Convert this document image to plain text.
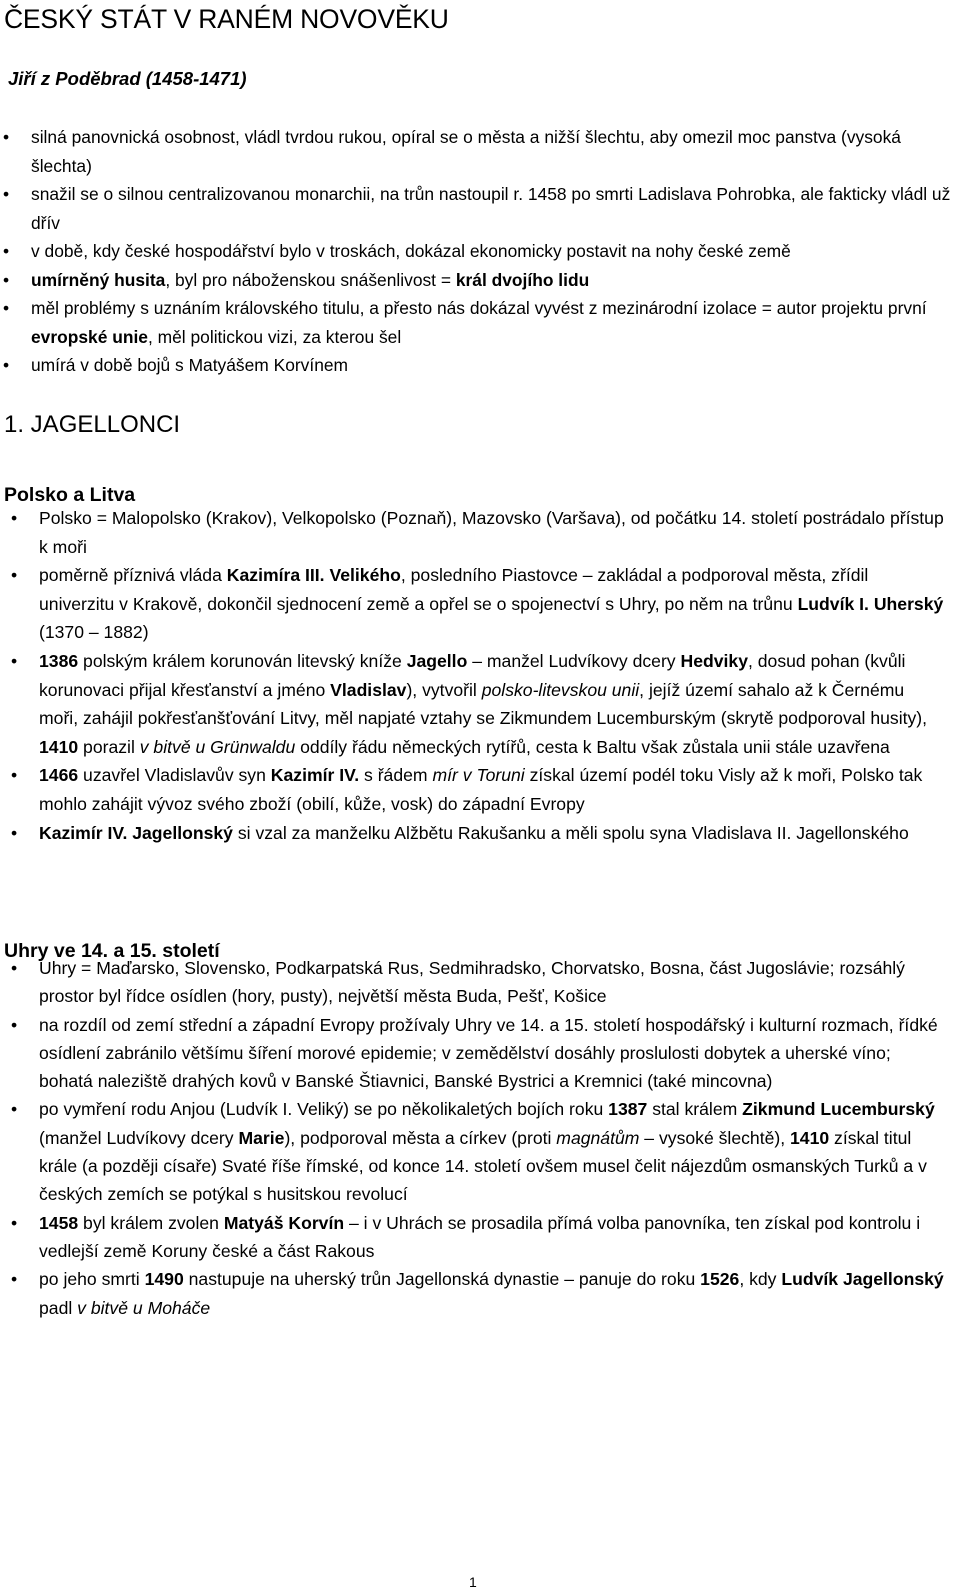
ČESKÝ STÁT V RANÉM NOVOVĚKU

Jiří z Poděbrad (1458-1471)

• silná panovnická osobnost, vládl tvrdou rukou, opíral se o města a nižší šlechtu, aby omezil moc panstva (vysoká šlechta)
• snažil se o silnou centralizovanou monarchii, na trůn nastoupil r. 1458 po smrti Ladislava Pohrobka, ale fakticky vládl už dřív
• v době, kdy české hospodářství bylo v troskách, dokázal ekonomicky postavit na nohy české země
• umírněný husita, byl pro náboženskou snášenlivost = král dvojího lidu
• měl problémy s uznáním královského titulu, a přesto nás dokázal vyvést z mezinárodní izolace = autor projektu první evropské unie, měl politickou vizi, za kterou šel
• umírá v době bojů s Matyášem Korvínem

1. JAGELLONCI

Polsko a Litva

• Polsko = Malopolsko (Krakov), Velkopolsko (Poznaň), Mazovsko (Varšava), od počátku 14. století postrádalo přístup k moři
• poměrně příznivá vláda Kazimíra III. Velikého, posledního Piastovce – zakládal a podporoval města, zřídil univerzitu v Krakově, dokončil sjednocení země a opřel se o spojenectví s Uhry, po něm na trůnu Ludvík I. Uherský (1370 – 1882)
• 1386 polským králem korunován litevský kníže Jagello – manžel Ludvíkovy dcery Hedviky, dosud pohan (kvůli korunovaci přijal křesťanství a jméno Vladislav), vytvořil polsko-litevskou unii, jejíž území sahalo až k Černému moři, zahájil pokřesťanšťování Litvy, měl napjaté vztahy se Zikmundem Lucemburským (skrytě podporoval husity), 1410 porazil v bitvě u Grünwaldu oddíly řádu německých rytířů, cesta k Baltu však zůstala unii stále uzavřena
• 1466 uzavřel Vladislavův syn Kazimír IV. s řádem mír v Toruni získal území podél toku Visly až k moři, Polsko tak mohlo zahájit vývoz svého zboží (obilí, kůže, vosk) do západní Evropy
• Kazimír IV. Jagellonský si vzal za manželku Alžbětu Rakušanku a měli spolu syna Vladislava II. Jagellonského

Uhry ve 14. a 15. století

• Uhry = Maďarsko, Slovensko, Podkarpatská Rus, Sedmihradsko, Chorvatsko, Bosna, část Jugoslávie; rozsáhlý prostor byl řídce osídlen (hory, pusty), největší města Buda, Pešť, Košice
• na rozdíl od zemí střední a západní Evropy prožívaly Uhry ve 14. a 15. století hospodářský i kulturní rozmach, řídké osídlení zabránilo většímu šíření morové epidemie; v zemědělství dosáhly proslulosti dobytek a uherské víno; bohatá naleziště drahých kovů v Banské Štiavnici, Banské Bystrici a Kremnici (také mincovna)
• po vymření rodu Anjou (Ludvík I. Veliký) se po několikaletých bojích roku 1387 stal králem Zikmund Lucemburský (manžel Ludvíkovy dcery Marie), podporoval města a církev (proti magnátům – vysoké šlechtě), 1410 získal titul krále (a později císaře) Svaté říše římské, od konce 14. století ovšem musel čelit nájezdům osmanských Turků a v českých zemích se potýkal s husitskou revolucí
• 1458 byl králem zvolen Matyáš Korvín – i v Uhrách se prosadila přímá volba panovníka, ten získal pod kontrolu i vedlejší země Koruny české a část Rakous
• po jeho smrti 1490 nastupuje na uherský trůn Jagellonská dynastie – panuje do roku 1526, kdy Ludvík Jagellonský padl v bitvě u Moháče
1
